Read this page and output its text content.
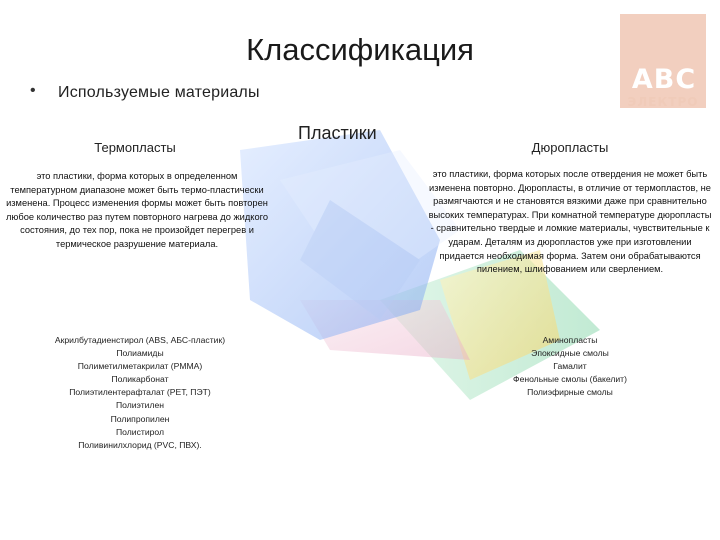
ABC
ЭЛЕКТРО
Классификация
• Используемые материалы
Термопласты
Пластики
Дюропласты
это пластики, форма которых в определенном температурном диапазоне может быть термо-пластически изменена. Процесс изменения формы может быть повторен любое количество раз путем повторного нагрева до жидкого состояния, до тех пор, пока не произойдет перегрев и термическое разрушение материала.
это пластики, форма которых после отвердения не может быть изменена повторно. Дюропласты, в отличие от термопластов, не размягчаются и не становятся вязкими даже при сравнительно высоких температурах. При комнатной температуре дюропласты - сравнительно твердые и ломкие материалы, чувствительные к ударам. Деталям из дюропластов уже при изготовлении придается необходимая форма. Затем они обрабатываются пилением, шлифованием или сверлением.
Акрилбутадиенстирол (ABS, АБС-пластик)
Полиамиды
Полиметилметакрилат (PMMA)
Поликарбонат
Полиэтилентерафталат (PET, ПЭТ)
Полиэтилен
Полипропилен
Полистирол
Поливинилхлорид (PVC, ПВХ).
Аминопласты
Эпоксидные смолы
Гамалит
Фенольные смолы (бакелит)
Полиэфирные смолы
